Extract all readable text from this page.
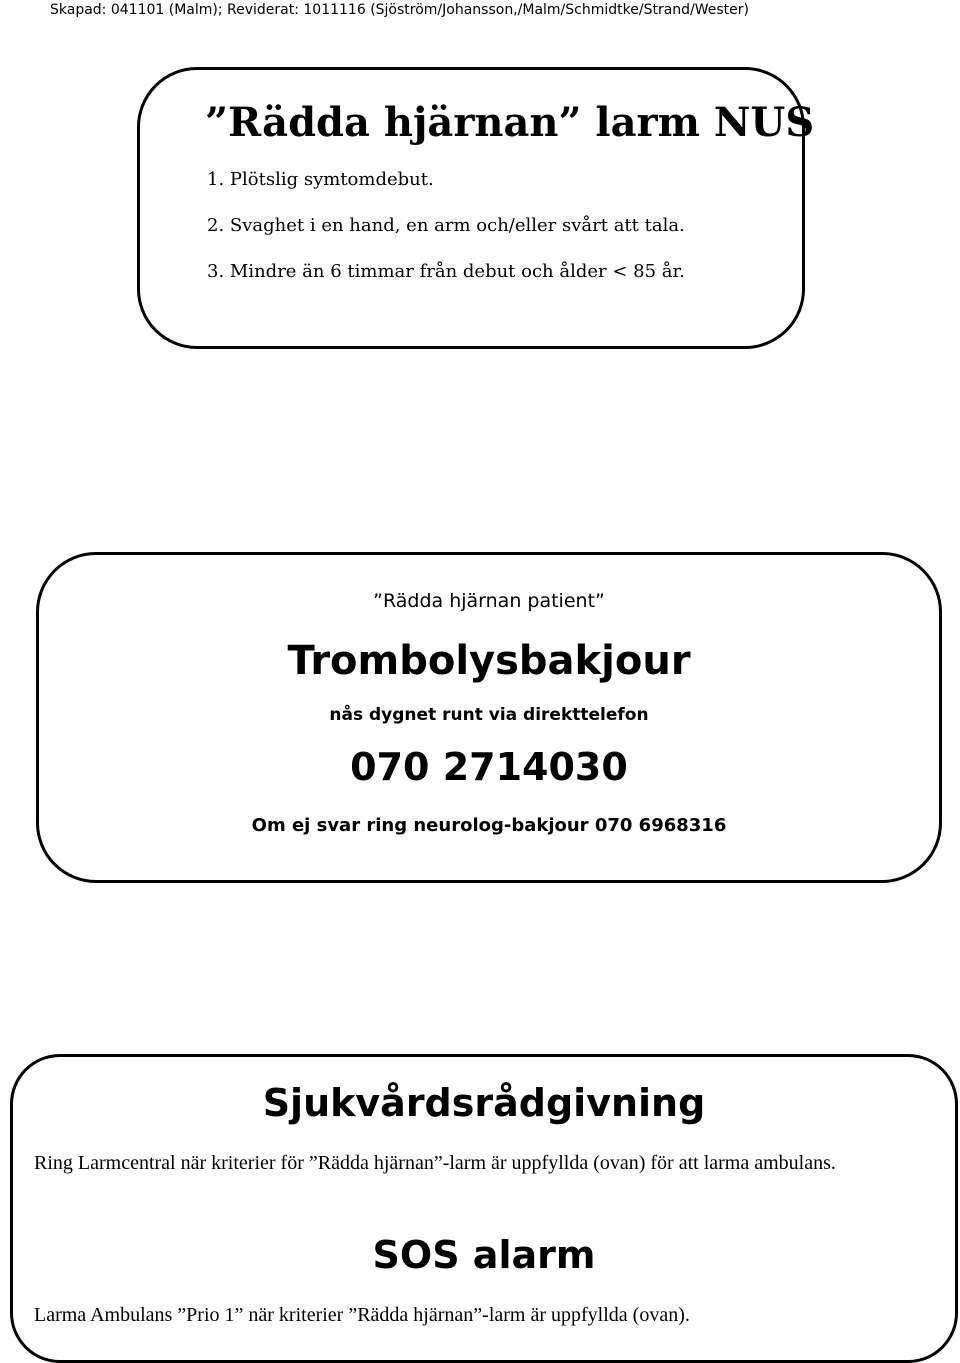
Skapad: 041101 (Malm); Reviderat: 1011116 (Sjöström/Johansson,/Malm/Schmidtke/Strand/Wester)
”Rädda hjärnan” larm NUS
1. Plötslig symtomdebut.
2. Svaghet i en hand, en arm och/eller svårt att tala.
3. Mindre än 6 timmar från debut och ålder < 85 år.
”Rädda hjärnan patient”
Trombolysbakjour
nås dygnet runt via direkttelefon
070 2714030
Om ej svar ring neurolog-bakjour 070 6968316
Sjukvårdsrådgivning
Ring Larmcentral när kriterier för ”Rädda hjärnan”-larm är uppfyllda (ovan) för att larma ambulans.
SOS alarm
Larma Ambulans ”Prio 1” när kriterier ”Rädda hjärnan”-larm är uppfyllda (ovan).
